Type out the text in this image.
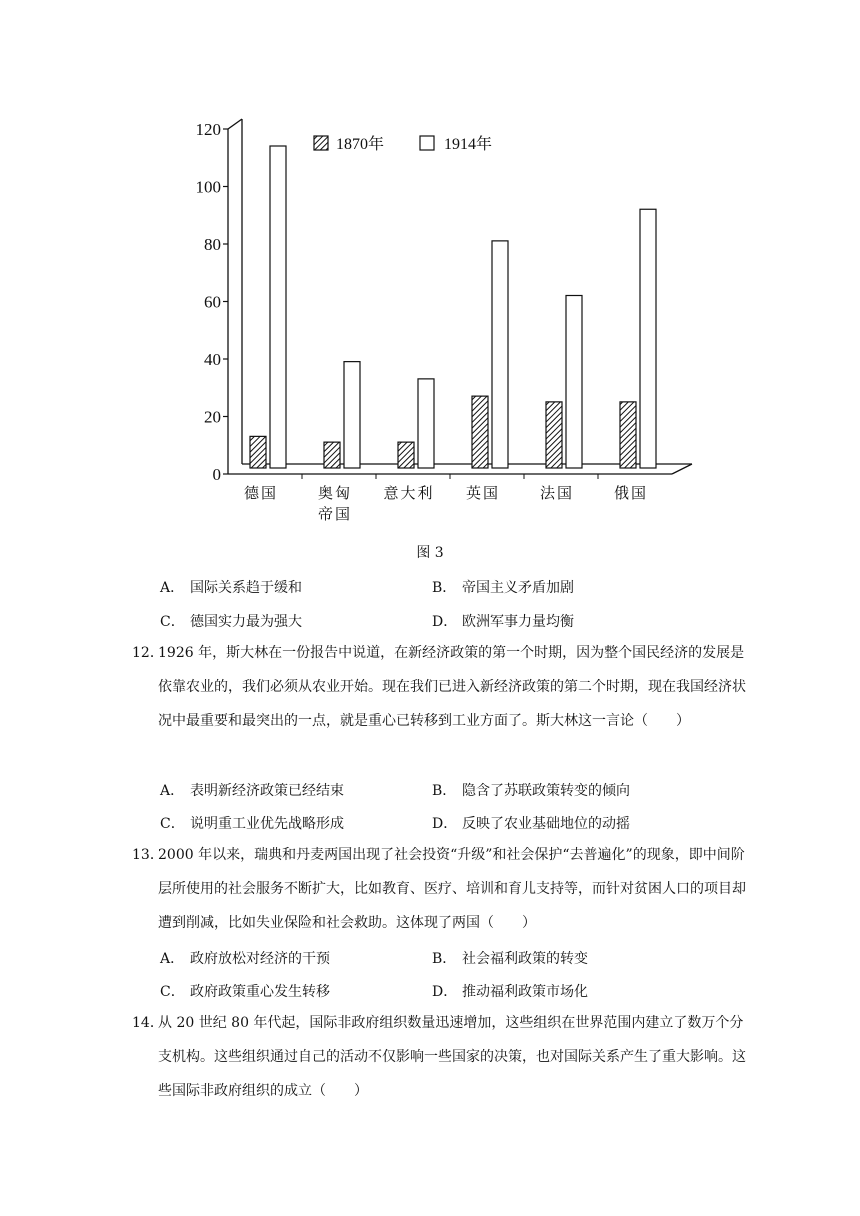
0
20
40
60
80
100
120
德国	奥匈
帝国
意大利 英国	法国	俄国
1870年	1914年
图 3
A． 国际关系趋于缓和	B． 帝国主义矛盾加剧
C． 德国实力最为强大	D． 欧洲军事力量均衡
12．
1926 年，斯大林在一份报告中说道，在新经济政策的第一个时期，因为整个国民经济的发展是依靠农业的，我们必须从农业开始。现在我们已进入新经济政策的第二个时期，现在我国经济状况中最重要和最突出的一点，就是重心已转移到工业方面了。斯大林这一言论（　　）
A． 表明新经济政策已经结束	B． 隐含了苏联政策转变的倾向
C． 说明重工业优先战略形成	D． 反映了农业基础地位的动摇
13．
2000 年以来，瑞典和丹麦两国出现了社会投资“升级”和社会保护“去普遍化”的现象，即中间阶层所使用的社会服务不断扩大，比如教育、医疗、培训和育儿支持等，而针对贫困人口的项目却遭到削减，比如失业保险和社会救助。这体现了两国（　　）
A． 政府放松对经济的干预	B． 社会福利政策的转变
C． 政府政策重心发生转移	D． 推动福利政策市场化
14．
从 20 世纪 80 年代起，国际非政府组织数量迅速增加，这些组织在世界范围内建立了数万个分支机构。这些组织通过自己的活动不仅影响一些国家的决策，也对国际关系产生了重大影响。这些国际非政府组织的成立（　　）
